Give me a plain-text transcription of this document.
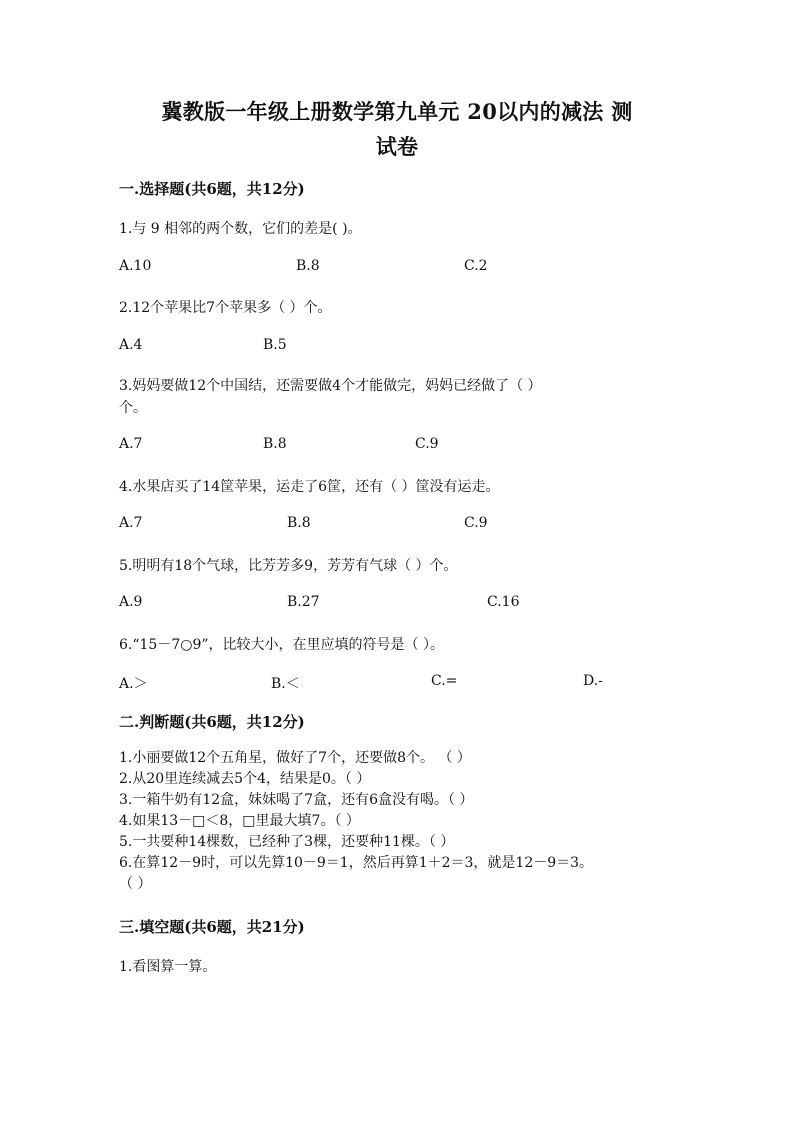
冀教版一年级上册数学第九单元 20以内的减法 测
试卷
一.选择题(共6题，共12分)
1.与 9 相邻的两个数，它们的差是( )。
A.10	B.8	C.2
2.12个苹果比7个苹果多（ ）个。
A.4	B.5
3.妈妈要做12个中国结，还需要做4个才能做完，妈妈已经做了（ ）
个。
A.7	B.8	C.9
4.水果店买了14筐苹果，运走了6筐，还有（ ）筐没有运走。
A.7	B.8	C.9
5.明明有18个气球，比芳芳多9，芳芳有气球（ ）个。
A.9	B.27	C.16
6.“15－7○9”，比较大小，在里应填的符号是（ ）。
A.＞	B.＜	C.=	D.-
二.判断题(共6题，共12分)
1.小丽要做12个五角星，做好了7个，还要做8个。 （ ）
2.从20里连续减去5个4，结果是0。（ ）
3.一箱牛奶有12盒，妹妹喝了7盒，还有6盒没有喝。（ ）
4.如果13－□＜8，□里最大填7。（ ）
5.一共要种14棵数，已经种了3棵，还要种11棵。（ ）
6.在算12－9时，可以先算10－9＝1，然后再算1＋2＝3，就是12－9＝3。
（ ）
三.填空题(共6题，共21分)
1.看图算一算。
